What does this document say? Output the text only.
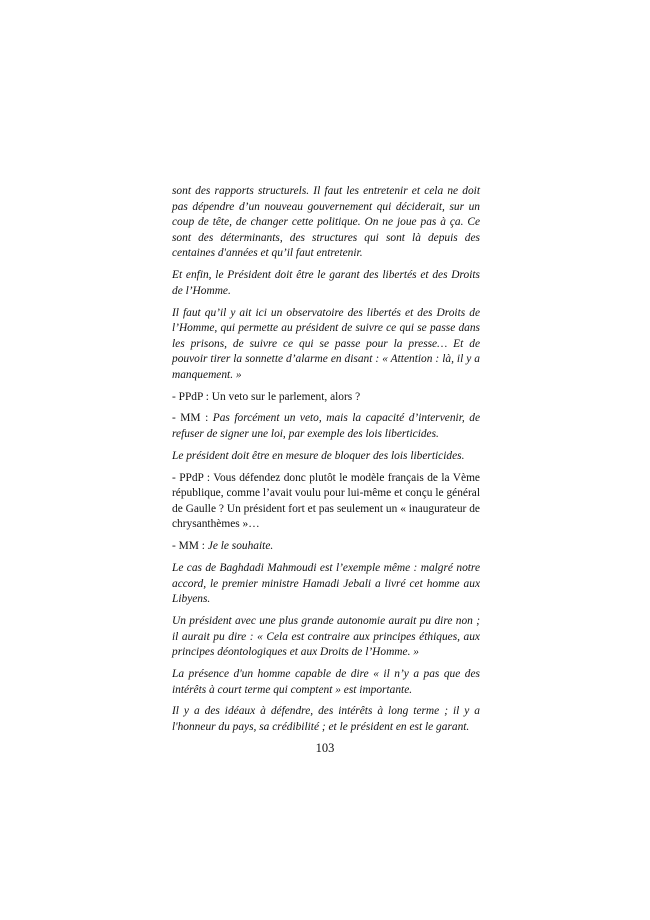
sont des rapports structurels. Il faut les entretenir et cela ne doit pas dépendre d’un nouveau gouvernement qui déciderait, sur un coup de tête, de changer cette politique. On ne joue pas à ça. Ce sont des déterminants, des structures qui sont là depuis des centaines d'années et qu’il faut entretenir.

Et enfin, le Président doit être le garant des libertés et des Droits de l’Homme.

Il faut qu’il y ait ici un observatoire des libertés et des Droits de l’Homme, qui permette au président de suivre ce qui se passe dans les prisons, de suivre ce qui se passe pour la presse… Et de pouvoir tirer la sonnette d’alarme en disant : « Attention : là, il y a manquement. »

- PPdP : Un veto sur le parlement, alors ?

- MM : Pas forcément un veto, mais la capacité d’intervenir, de refuser de signer une loi, par exemple des lois liberticides.

Le président doit être en mesure de bloquer des lois liberticides.

- PPdP : Vous défendez donc plutôt le modèle français de la Vème république, comme l’avait voulu pour lui-même et conçu le général de Gaulle ? Un président fort et pas seulement un « inaugurateur de chrysanthèmes »…

- MM : Je le souhaite.

Le cas de Baghdadi Mahmoudi est l’exemple même : malgré notre accord, le premier ministre Hamadi Jebali a livré cet homme aux Libyens.

Un président avec une plus grande autonomie aurait pu dire non ; il aurait pu dire : « Cela est contraire aux principes éthiques, aux principes déontologiques et aux Droits de l’Homme. »

La présence d'un homme capable de dire « il n’y a pas que des intérêts à court terme qui comptent » est importante.

Il y a des idéaux à défendre, des intérêts à long terme ; il y a l'honneur du pays, sa crédibilité ; et le président en est le garant.

103
